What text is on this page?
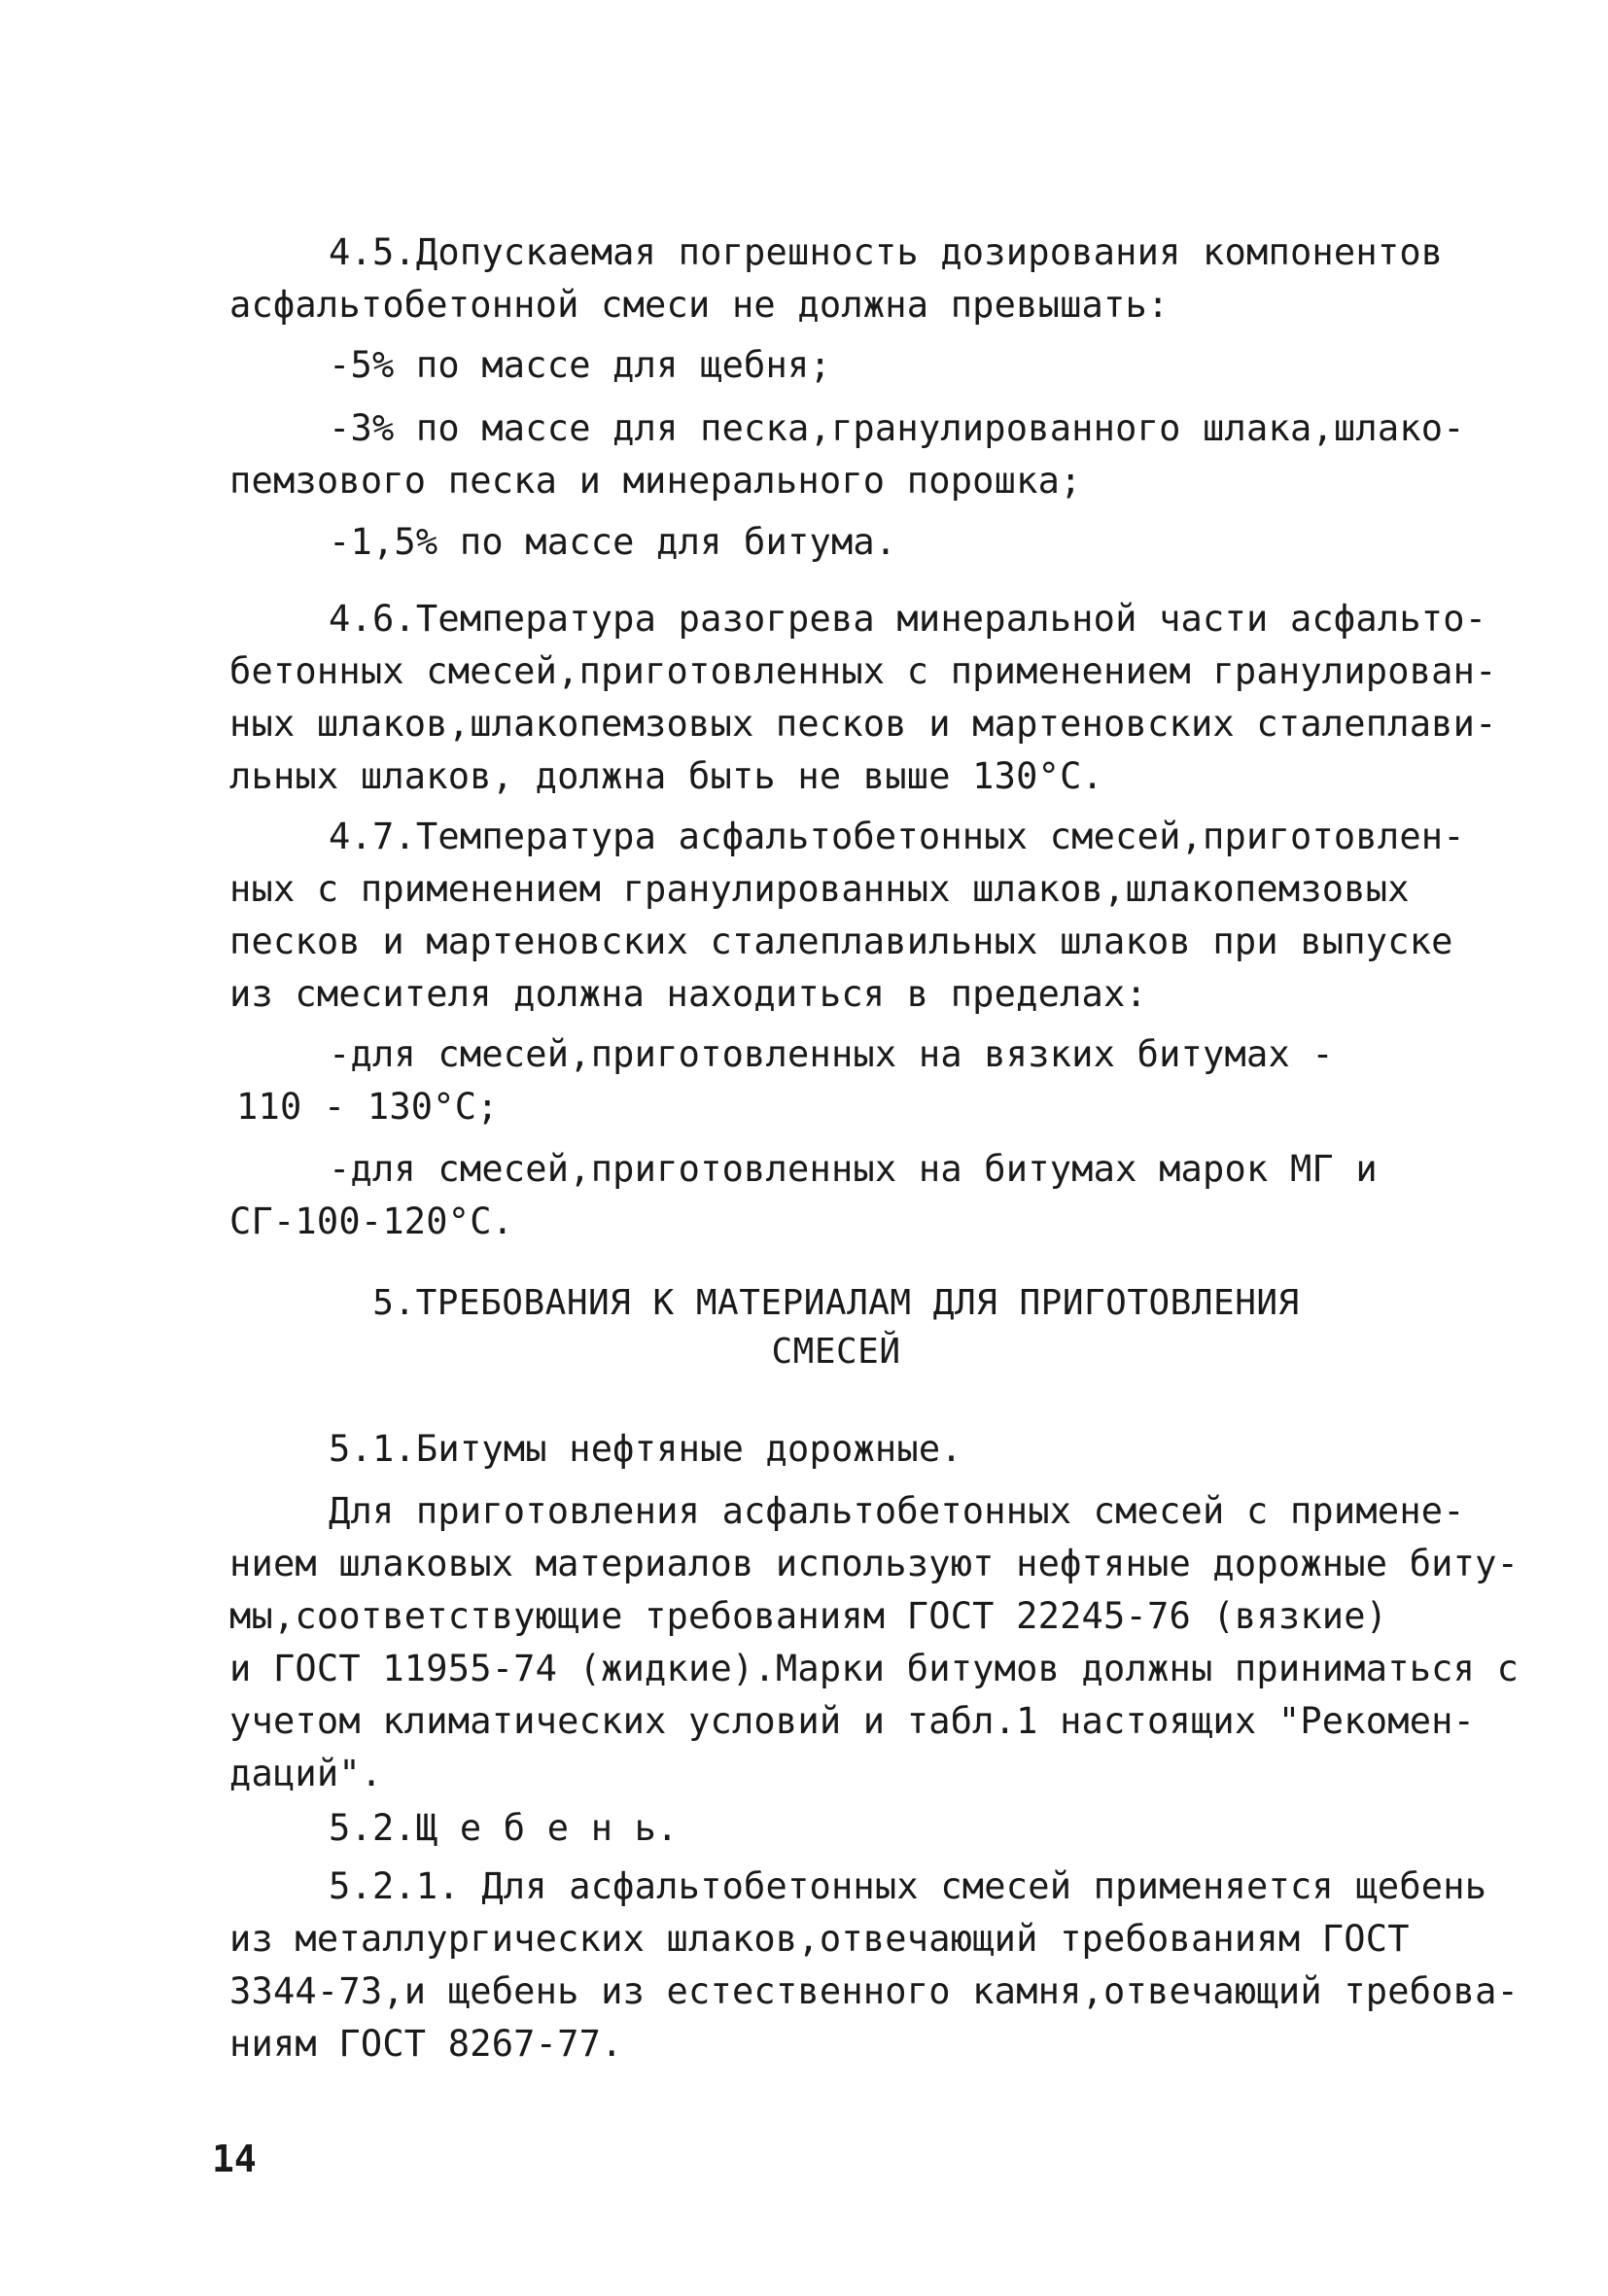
4.5.Допускаемая погрешность дозирования компонентов
асфальтобетонной смеси не должна превышать:
-5% по массе для щебня;
-3% по массе для песка,гранулированного шлака,шлако-
пемзового песка и минерального порошка;
-1,5% по массе для битума.
4.6.Температура разогрева минеральной части асфальто-
бетонных смесей,приготовленных с применением гранулирован-
ных шлаков,шлакопемзовых песков и мартеновских сталеплави-
льных шлаков, должна быть не выше 130°С.
4.7.Температура асфальтобетонных смесей,приготовлен-
ных с применением гранулированных шлаков,шлакопемзовых
песков и мартеновских сталеплавильных шлаков при выпуске
из смесителя должна находиться в пределах:
-для смесей,приготовленных на вязких битумах -
110 - 130°С;
-для смесей,приготовленных на битумах марок МГ и
СГ-100-120°С.
5.ТРЕБОВАНИЯ К МАТЕРИАЛАМ ДЛЯ ПРИГОТОВЛЕНИЯ
СМЕСЕЙ
5.1.Битумы нефтяные дорожные.
Для приготовления асфальтобетонных смесей с примене-
нием шлаковых материалов используют нефтяные дорожные биту-
мы,соответствующие требованиям ГОСТ 22245-76 (вязкие)
и ГОСТ 11955-74 (жидкие).Марки битумов должны приниматься с
учетом климатических условий и табл.1 настоящих "Рекомен-
даций".
5.2.Щ е б е н ь.
5.2.1. Для асфальтобетонных смесей применяется щебень
из металлургических шлаков,отвечающий требованиям ГОСТ
3344-73,и щебень из естественного камня,отвечающий требова-
ниям ГОСТ 8267-77.
14
